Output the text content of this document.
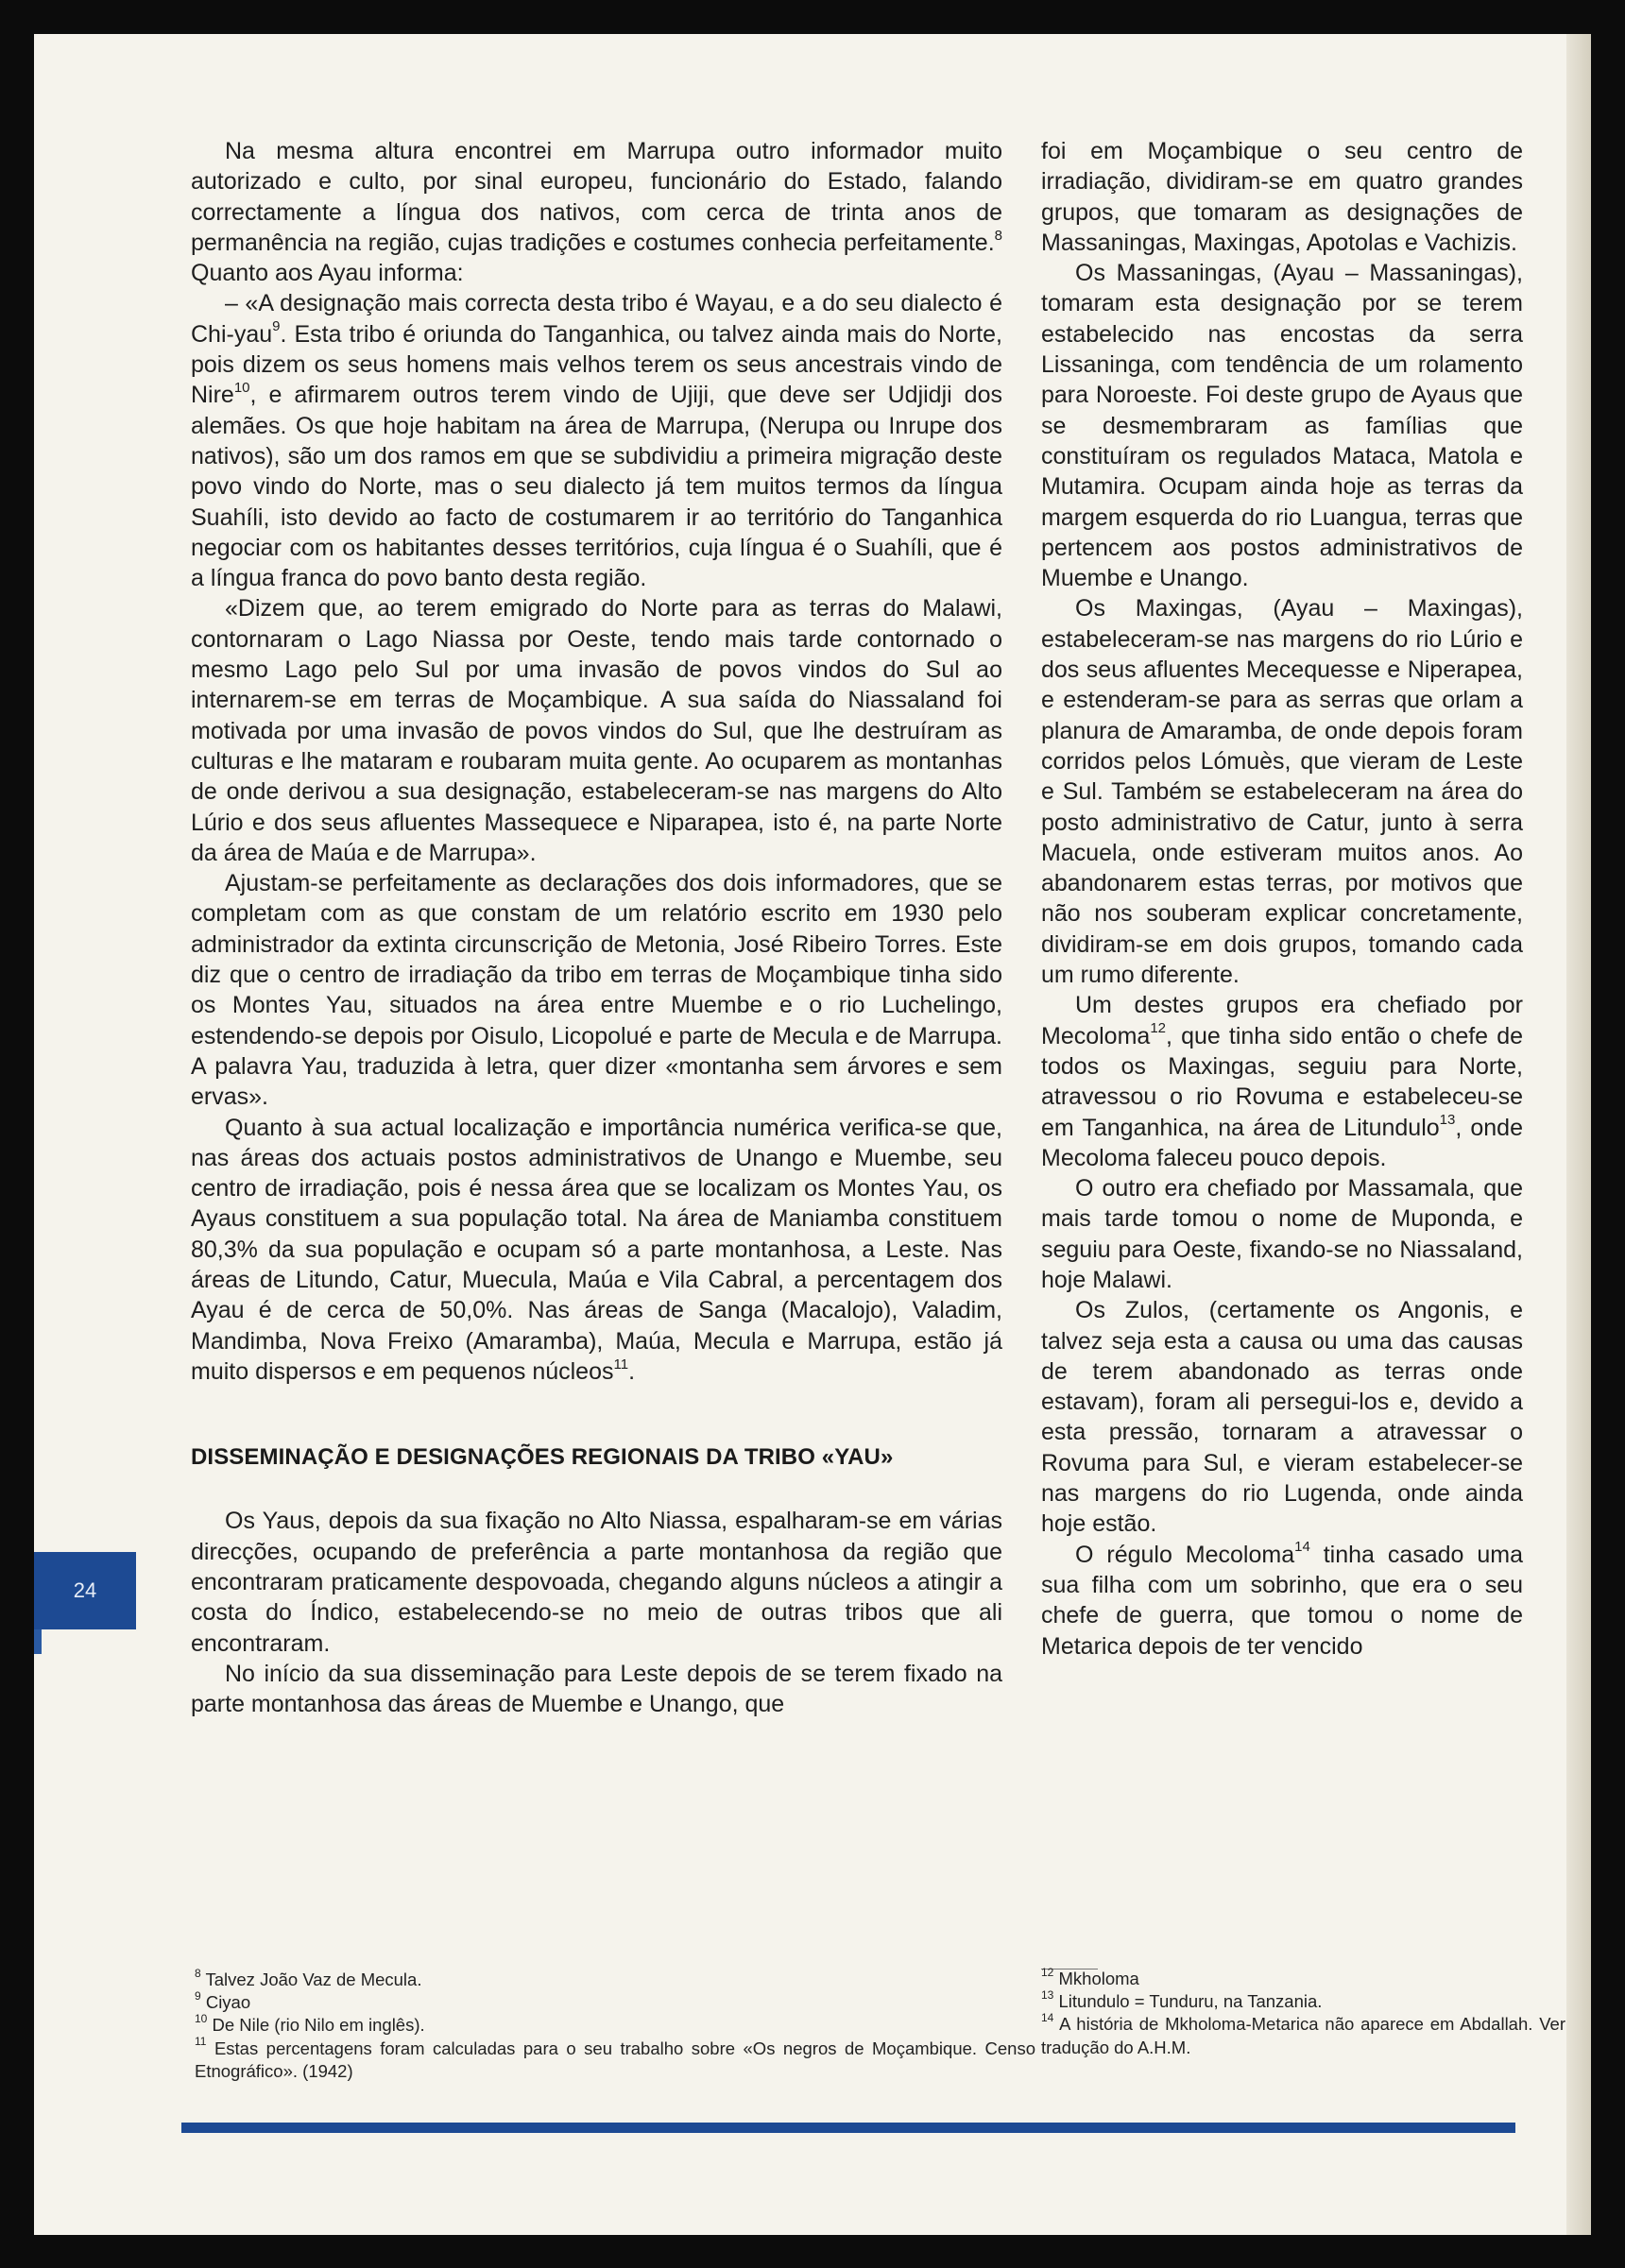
Na mesma altura encontrei em Marrupa outro informador muito autorizado e culto, por sinal europeu, funcionário do Estado, falando correctamente a língua dos nativos, com cerca de trinta anos de permanência na região, cujas tradições e costumes conhecia perfeitamente.$^8$ Quanto aos Ayau informa:

– «A designação mais correcta desta tribo é Wayau, e a do seu dialecto é Chi-yau$^9$. Esta tribo é oriunda do Tanganhica, ou talvez ainda mais do Norte, pois dizem os seus homens mais velhos terem os seus ancestrais vindo de Nire$^{10}$, e afirmarem outros terem vindo de Ujiji, que deve ser Udjidji dos alemães. Os que hoje habitam na área de Marrupa, (Nerupa ou Inrupe dos nativos), são um dos ramos em que se subdividiu a primeira migração deste povo vindo do Norte, mas o seu dialecto já tem muitos termos da língua Suahíli, isto devido ao facto de costumarem ir ao território do Tanganhica negociar com os habitantes desses territórios, cuja língua é o Suahíli, que é a língua franca do povo banto desta região.

«Dizem que, ao terem emigrado do Norte para as terras do Malawi, contornaram o Lago Niassa por Oeste, tendo mais tarde contornado o mesmo Lago pelo Sul por uma invasão de povos vindos do Sul ao internarem-se em terras de Moçambique. A sua saída do Niassaland foi motivada por uma invasão de povos vindos do Sul, que lhe destruíram as culturas e lhe mataram e roubaram muita gente. Ao ocuparem as montanhas de onde derivou a sua designação, estabeleceram-se nas margens do Alto Lúrio e dos seus afluentes Massequece e Niparapea, isto é, na parte Norte da área de Maúa e de Marrupa».

Ajustam-se perfeitamente as declarações dos dois informadores, que se completam com as que constam de um relatório escrito em 1930 pelo administrador da extinta circunscrição de Metonia, José Ribeiro Torres. Este diz que o centro de irradiação da tribo em terras de Moçambique tinha sido os Montes Yau, situados na área entre Muembe e o rio Luchelingo, estendendo-se depois por Oisulo, Licopolué e parte de Mecula e de Marrupa. A palavra Yau, traduzida à letra, quer dizer «montanha sem árvores e sem ervas».

Quanto à sua actual localização e importância numérica verifica-se que, nas áreas dos actuais postos administrativos de Unango e Muembe, seu centro de irradiação, pois é nessa área que se localizam os Montes Yau, os Ayaus constituem a sua população total. Na área de Maniamba constituem 80,3% da sua população e ocupam só a parte montanhosa, a Leste. Nas áreas de Litundo, Catur, Muecula, Maúa e Vila Cabral, a percentagem dos Ayau é de cerca de 50,0%. Nas áreas de Sanga (Macalojo), Valadim, Mandimba, Nova Freixo (Amaramba), Maúa, Mecula e Marrupa, estão já muito dispersos e em pequenos núcleos$^{11}$.

DISSEMINAÇÃO E DESIGNAÇÕES REGIONAIS DA TRIBO «YAU»

Os Yaus, depois da sua fixação no Alto Niassa, espalharam-se em várias direcções, ocupando de preferência a parte montanhosa da região que encontraram praticamente despovoada, chegando alguns núcleos a atingir a costa do Índico, estabelecendo-se no meio de outras tribos que ali encontraram.

No início da sua disseminação para Leste depois de se terem fixado na parte montanhosa das áreas de Muembe e Unango, que

foi em Moçambique o seu centro de irradiação, dividiram-se em quatro grandes grupos, que tomaram as designações de Massaningas, Maxingas, Apotolas e Vachizis.

Os Massaningas, (Ayau – Massaningas), tomaram esta designação por se terem estabelecido nas encostas da serra Lissaninga, com tendência de um rolamento para Noroeste. Foi deste grupo de Ayaus que se desmembraram as famílias que constituíram os regulados Mataca, Matola e Mutamira. Ocupam ainda hoje as terras da margem esquerda do rio Luangua, terras que pertencem aos postos administrativos de Muembe e Unango.

Os Maxingas, (Ayau – Maxingas), estabeleceram-se nas margens do rio Lúrio e dos seus afluentes Mecequesse e Niperapea, e estenderam-se para as serras que orlam a planura de Amaramba, de onde depois foram corridos pelos Lómuès, que vieram de Leste e Sul. Também se estabeleceram na área do posto administrativo de Catur, junto à serra Macuela, onde estiveram muitos anos. Ao abandonarem estas terras, por motivos que não nos souberam explicar concretamente, dividiram-se em dois grupos, tomando cada um rumo diferente.

Um destes grupos era chefiado por Mecoloma$^{12}$, que tinha sido então o chefe de todos os Maxingas, seguiu para Norte, atravessou o rio Rovuma e estabeleceu-se em Tanganhica, na área de Litundulo$^{13}$, onde Mecoloma faleceu pouco depois.

O outro era chefiado por Massamala, que mais tarde tomou o nome de Muponda, e seguiu para Oeste, fixando-se no Niassaland, hoje Malawi.

Os Zulos, (certamente os Angonis, e talvez seja esta a causa ou uma das causas de terem abandonado as terras onde estavam), foram ali persegui-los e, devido a esta pressão, tornaram a atravessar o Rovuma para Sul, e vieram estabelecer-se nas margens do rio Lugenda, onde ainda hoje estão.

O régulo Mecoloma$^{14}$ tinha casado uma sua filha com um sobrinho, que era o seu chefe de guerra, que tomou o nome de Metarica depois de ter vencido

24

$^8$ Talvez João Vaz de Mecula.

$^9$ Ciyao

$^{10}$ De Nile (rio Nilo em inglês).

$^{11}$ Estas percentagens foram calculadas para o seu trabalho sobre «Os negros de Moçambique. Censo Etnográfico». (1942)

$^{12}$ Mkholoma

$^{13}$ Litundulo = Tunduru, na Tanzania.

$^{14}$ A história de Mkholoma-Metarica não aparece em Abdallah. Ver tradução do A.H.M.
